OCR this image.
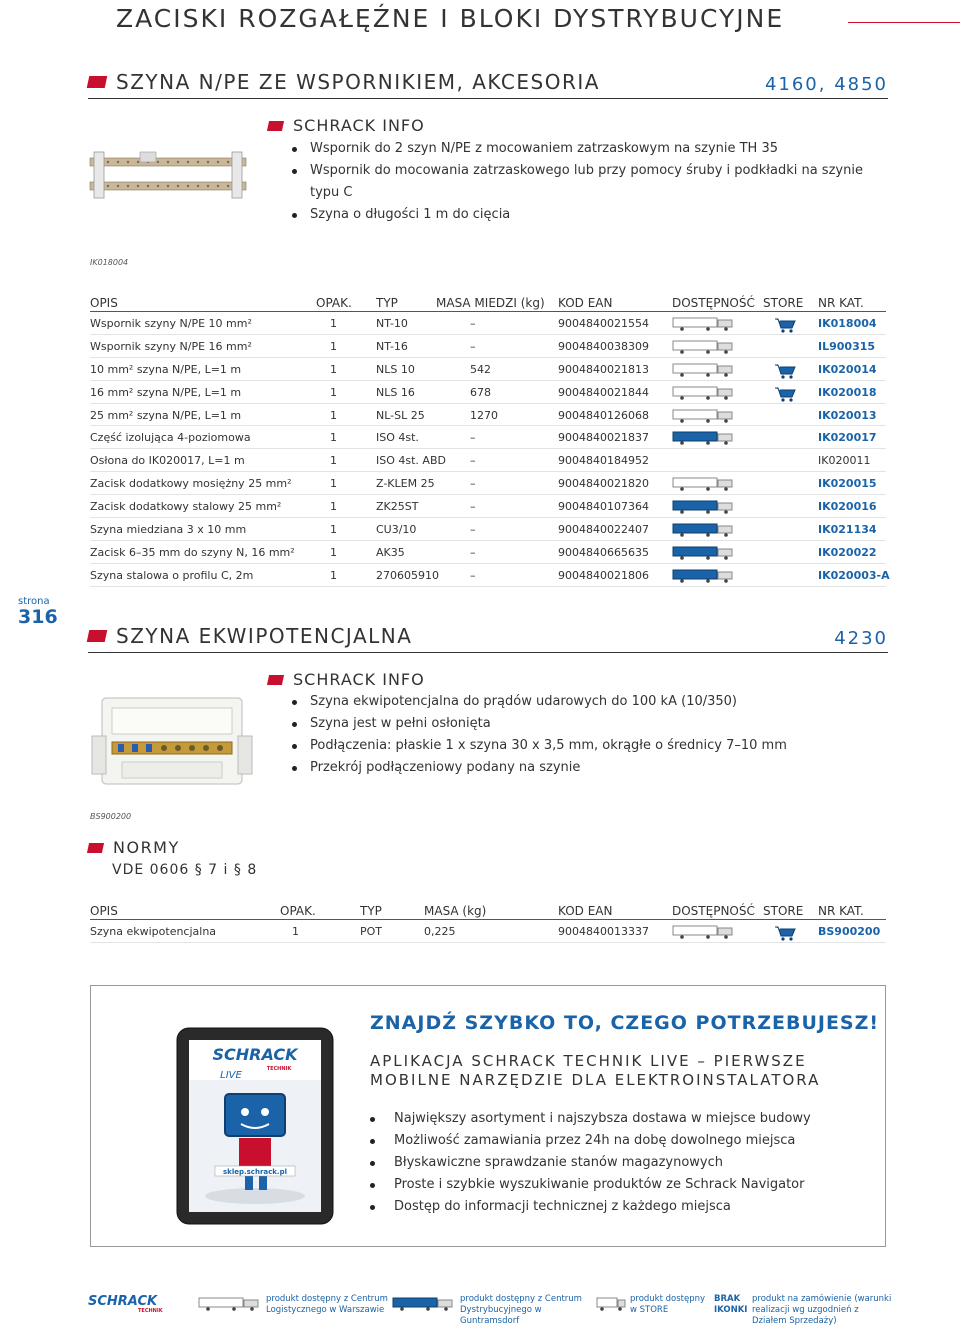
ZACISKI ROZGAŁĘŹNE I BLOKI DYSTRYBUCYJNE
SZYNA N/PE ZE WSPORNIKIEM, AKCESORIA	4160, 4850
SCHRACK INFO
Wspornik do 2 szyn N/PE z mocowaniem zatrzaskowym na szynie TH 35
Wspornik do mocowania zatrzaskowego lub przy pomocy śruby i podkładki na szynie typu C
Szyna o długości 1 m do cięcia
IK018004
OPIS	OPAK. TYP	MASA MIEDZI (kg) KOD EAN	DOSTĘPNOŚĆ STORE NR KAT.
Wspornik szyny N/PE 10 mm²	1	NT-10	–	9004840021554	IK018004
Wspornik szyny N/PE 16 mm²	1	NT-16	–	9004840038309	IL900315
10 mm² szyna N/PE, L=1 m	1	NLS 10	542	9004840021813	IK020014
16 mm² szyna N/PE, L=1 m	1	NLS 16	678	9004840021844	IK020018
25 mm² szyna N/PE, L=1 m	1	NL-SL 25	1270	9004840126068	IK020013
Część izolująca 4-poziomowa	1	ISO 4st.	–	9004840021837	IK020017
Osłona do IK020017, L=1 m	1	ISO 4st. ABD –	9004840184952	IK020011
Zacisk dodatkowy mosiężny 25 mm²	1	Z-KLEM 25	–	9004840021820	IK020015
Zacisk dodatkowy stalowy 25 mm²	1	ZK25ST	–	9004840107364	IK020016
Szyna miedziana 3 x 10 mm	1	CU3/10	–	9004840022407	IK021134
Zacisk 6–35 mm do szyny N, 16 mm²	1	AK35	–	9004840665635	IK020022
Szyna stalowa o profilu C, 2m	1	270605910	–	9004840021806	IK020003-A
strona
316
SZYNA EKWIPOTENCJALNA	4230
SCHRACK INFO
Szyna ekwipotencjalna do prądów udarowych do 100 kA (10/350)
Szyna jest w pełni osłonięta
Podłączenia: płaskie 1 x szyna 30 x 3,5 mm, okrągłe o średnicy 7–10 mm
Przekrój podłączeniowy podany na szynie
BS900200
NORMY
VDE 0606 § 7 i § 8
OPIS	OPAK.	TYP	MASA (kg)	KOD EAN	DOSTĘPNOŚĆ STORE NR KAT.
Szyna ekwipotencjalna	1	POT	0,225	9004840013337	BS900200
SCHRACK
TECHNIK
LIVE
sklep.schrack.pl
ZNAJDŹ SZYBKO TO, CZEGO POTRZEBUJESZ!
APLIKACJA SCHRACK TECHNIK LIVE – PIERWSZE MOBILNE NARZĘDZIE DLA ELEKTROINSTALATORA
Największy asortyment i najszybsza dostawa w miejsce budowy
Możliwość zamawiania przez 24h na dobę dowolnego miejsca
Błyskawiczne sprawdzanie stanów magazynowych
Proste i szybkie wyszukiwanie produktów ze Schrack Navigator
Dostęp do informacji technicznej z każdego miejsca
SCHRACK
TECHNIK
produkt dostępny z Centrum Logistycznego w Warszawie
produkt dostępny z Centrum Dystrybucyjnego w Guntramsdorf
produkt dostępny w STORE
BRAK IKONKI
produkt na zamówienie (warunki realizacji wg uzgodnień z Działem Sprzedaży)
